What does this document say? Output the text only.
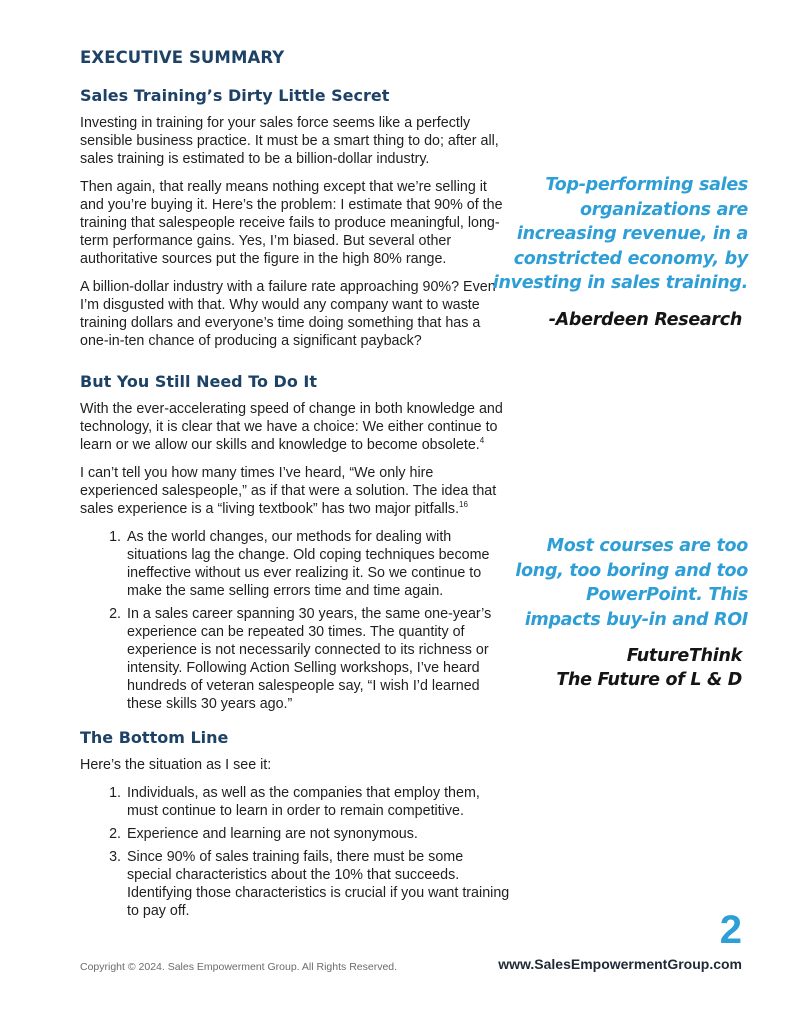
EXECUTIVE SUMMARY
Sales Training’s Dirty Little Secret

Investing in training for your sales force seems like a perfectly sensible business practice. It must be a smart thing to do; after all, sales training is estimated to be a billion-dollar industry.

Then again, that really means nothing except that we’re selling it and you’re buying it. Here’s the problem: I estimate that 90% of the training that salespeople receive fails to produce meaningful, long-term performance gains. Yes, I’m biased. But several other authoritative sources put the figure in the high 80% range.

A billion-dollar industry with a failure rate approaching 90%? Even I’m disgusted with that. Why would any company want to waste training dollars and everyone’s time doing something that has a one-in-ten chance of producing a significant payback?

But You Still Need To Do It

With the ever-accelerating speed of change in both knowledge and technology, it is clear that we have a choice: We either continue to learn or we allow our skills and knowledge to become obsolete.$^4$

I can’t tell you how many times I’ve heard, “We only hire experienced salespeople,” as if that were a solution. The idea that sales experience is a “living textbook” has two major pitfalls.$^{16}$

1. As the world changes, our methods for dealing with situations lag the change. Old coping techniques become ineffective without us ever realizing it. So we continue to make the same selling errors time and time again.
2. In a sales career spanning 30 years, the same one-year’s experience can be repeated 30 times. The quantity of experience is not necessarily connected to its richness or intensity. Following Action Selling workshops, I’ve heard hundreds of veteran salespeople say, “I wish I’d learned these skills 30 years ago.”
The Bottom Line

Here’s the situation as I see it:

1. Individuals, as well as the companies that employ them, must continue to learn in order to remain competitive.
2. Experience and learning are not synonymous.
3. Since 90% of sales training fails, there must be some special characteristics about the 10% that succeeds. Identifying those characteristics is crucial if you want training to pay off.

Top-performing sales

organizations are

increasing revenue, in a

constricted economy, by

investing in sales training.

-Aberdeen Research

Most courses are too

long, too boring and too

PowerPoint. This

impacts buy-in and ROI

FutureThink

The Future of L & D

2
Copyright © 2024. Sales Empowerment Group. All Rights Reserved.	www.SalesEmpowermentGroup.com
